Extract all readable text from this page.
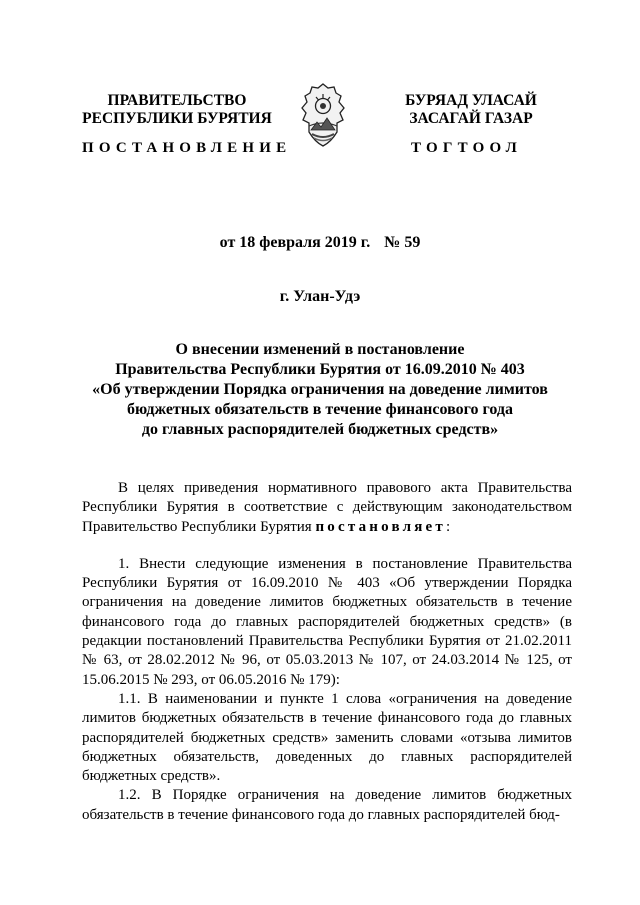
ПРАВИТЕЛЬСТВО
РЕСПУБЛИКИ БУРЯТИЯ
БУРЯАД УЛАСАЙ
ЗАСАГАЙ ГАЗАР
ПОСТАНОВЛЕНИЕ	ТОГТООЛ
от 18 февраля 2019 г. № 59
г. Улан-Удэ
О внесении изменений в постановление
Правительства Республики Бурятия от 16.09.2010 № 403
«Об утверждении Порядка ограничения на доведение лимитов
бюджетных обязательств в течение финансового года
до главных распорядителей бюджетных средств»

В целях приведения нормативного правового акта Правительства Республики Бурятия в соответствие с действующим законодательством Правительство Республики Бурятия постановляет:

1. Внести следующие изменения в постановление Правительства Республики Бурятия от 16.09.2010 № 403 «Об утверждении Порядка ограничения на доведение лимитов бюджетных обязательств в течение финансового года до главных распорядителей бюджетных средств» (в редакции постановлений Правительства Республики Бурятия от 21.02.2011 № 63, от 28.02.2012 № 96, от 05.03.2013 № 107, от 24.03.2014 № 125, от 15.06.2015 № 293, от 06.05.2016 № 179):

1.1. В наименовании и пункте 1 слова «ограничения на доведение лимитов бюджетных обязательств в течение финансового года до главных распорядителей бюджетных средств» заменить словами «отзыва лимитов бюджетных обязательств, доведенных до главных распорядителей бюджетных средств».

1.2. В Порядке ограничения на доведение лимитов бюджетных обязательств в течение финансового года до главных распорядителей бюд-
